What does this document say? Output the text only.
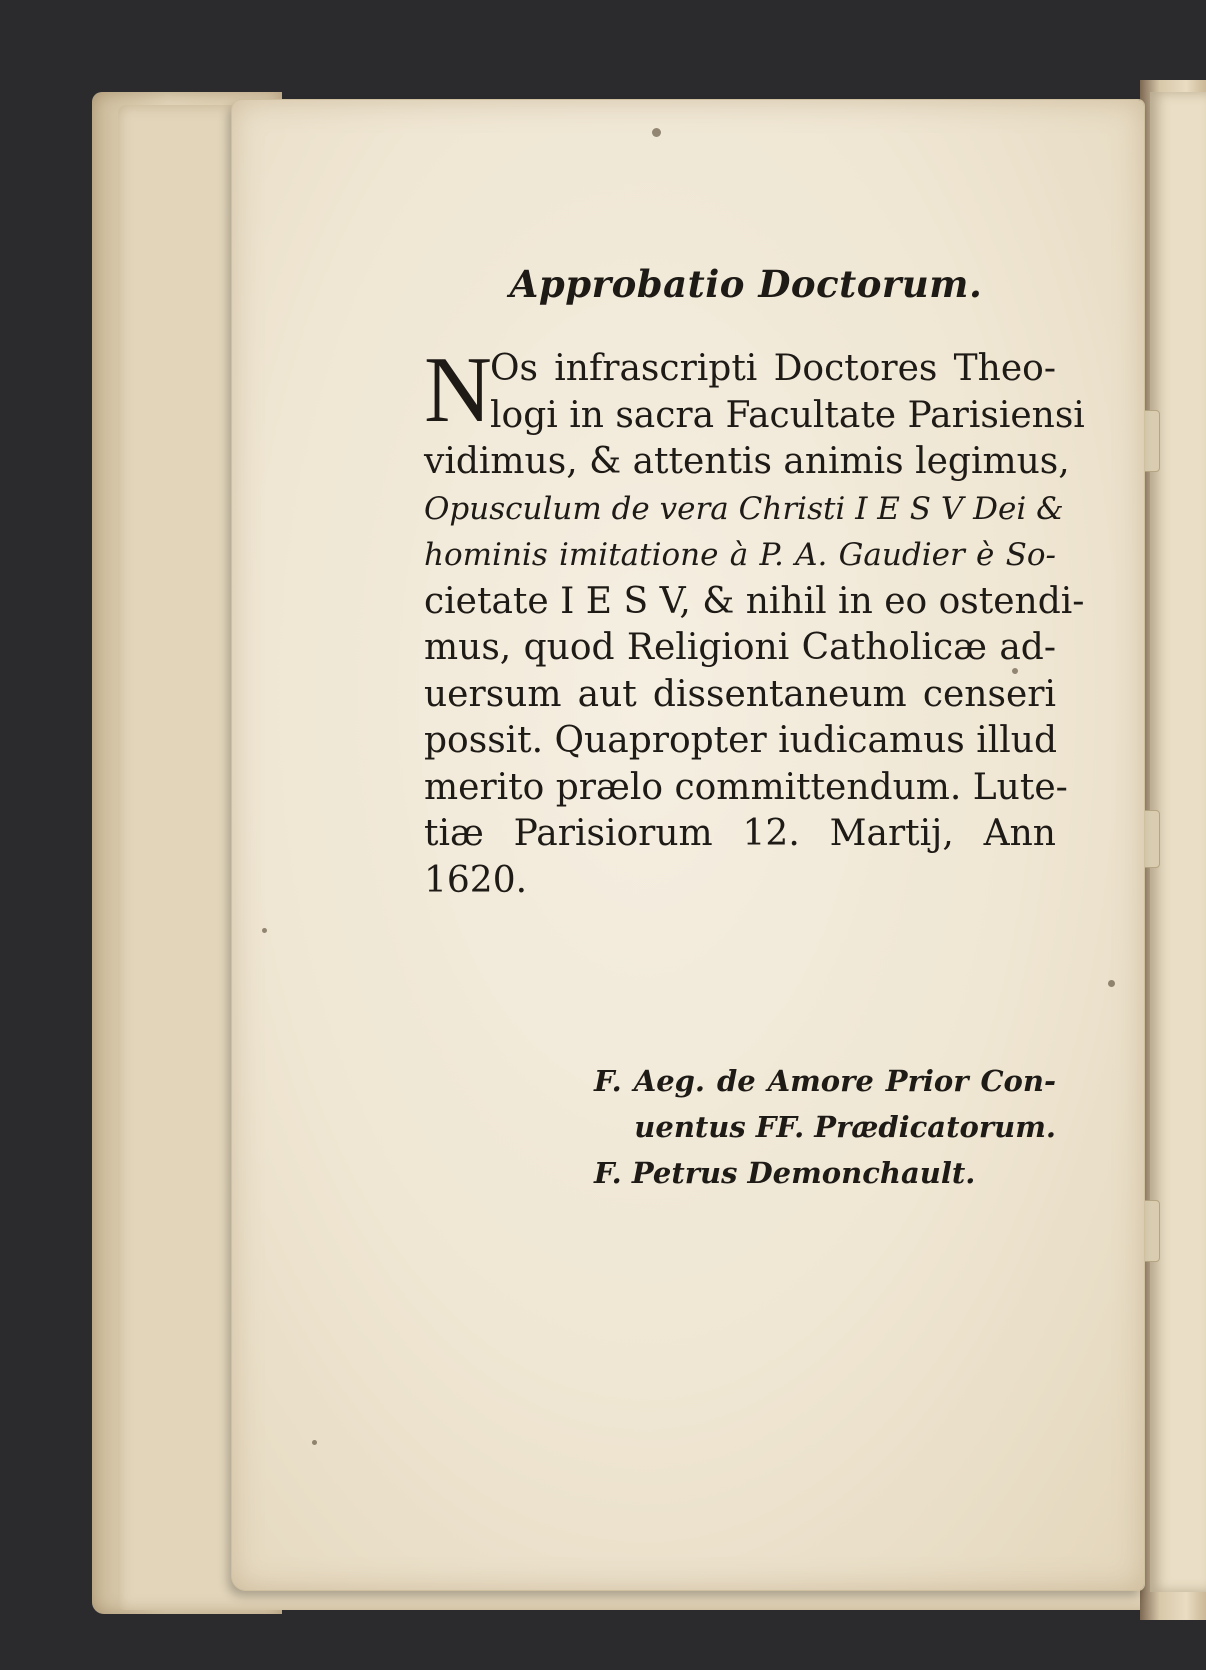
Approbatio Doctorum.
N
Os infrascripti Doctores Theo-
logi in sacra Facultate Parisiensi
vidimus, & attentis animis legimus,
Opusculum de vera Christi I E S V Dei &
hominis imitatione à P. A. Gaudier è So-
cietate I E S V, & nihil in eo ostendi-
mus, quod Religioni Catholicæ ad-
uersum aut dissentaneum censeri
possit. Quapropter iudicamus illud
merito prælo committendum. Lute-
tiæ Parisiorum 12. Martij, Ann
1620.
F. Aeg. de Amore Prior Con-
uentus FF. Prædicatorum.
F. Petrus Demonchault.
